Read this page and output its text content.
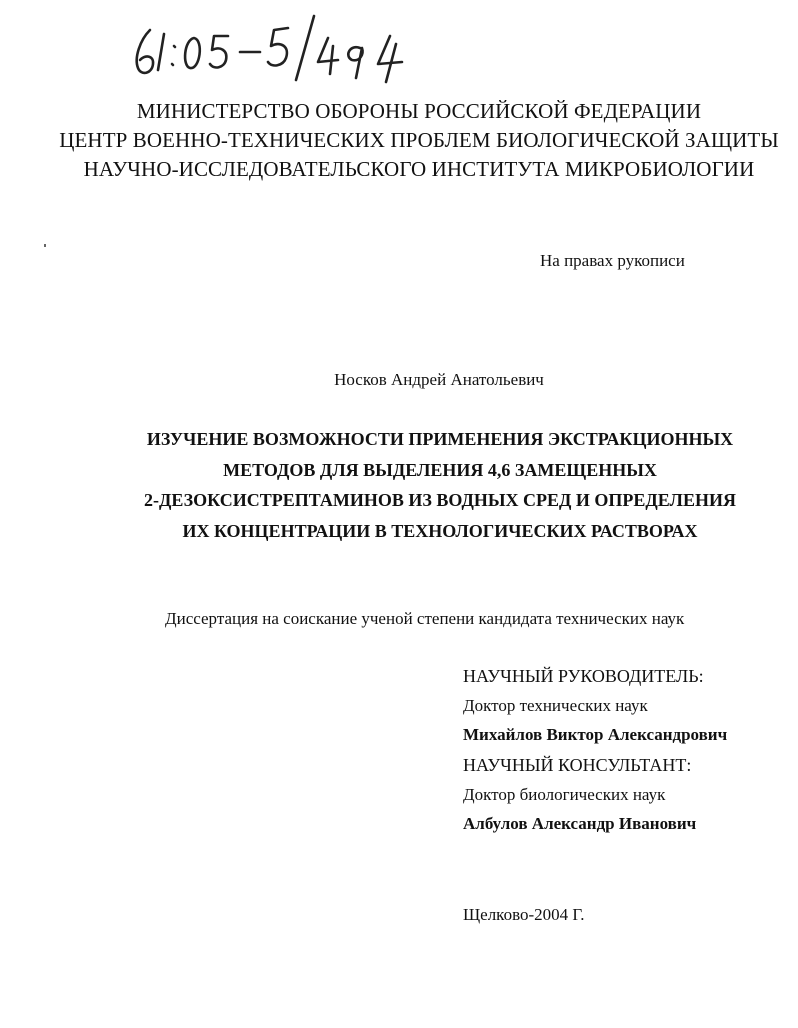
МИНИСТЕРСТВО ОБОРОНЫ РОССИЙСКОЙ ФЕДЕРАЦИИ
ЦЕНТР ВОЕННО-ТЕХНИЧЕСКИХ ПРОБЛЕМ БИОЛОГИЧЕСКОЙ ЗАЩИТЫ
НАУЧНО-ИССЛЕДОВАТЕЛЬСКОГО ИНСТИТУТА МИКРОБИОЛОГИИ
На правах рукописи
Носков Андрей Анатольевич
ИЗУЧЕНИЕ ВОЗМОЖНОСТИ ПРИМЕНЕНИЯ ЭКСТРАКЦИОННЫХ
МЕТОДОВ ДЛЯ ВЫДЕЛЕНИЯ 4,6 ЗАМЕЩЕННЫХ
2-ДЕЗОКСИСТРЕПТАМИНОВ ИЗ ВОДНЫХ СРЕД И ОПРЕДЕЛЕНИЯ
ИХ КОНЦЕНТРАЦИИ В ТЕХНОЛОГИЧЕСКИХ РАСТВОРАХ
Диссертация на соискание ученой степени кандидата технических наук
НАУЧНЫЙ РУКОВОДИТЕЛЬ:
Доктор технических наук
Михайлов Виктор Александрович
НАУЧНЫЙ КОНСУЛЬТАНТ:
Доктор биологических наук
Албулов Александр Иванович
Щелково-2004 Г.
